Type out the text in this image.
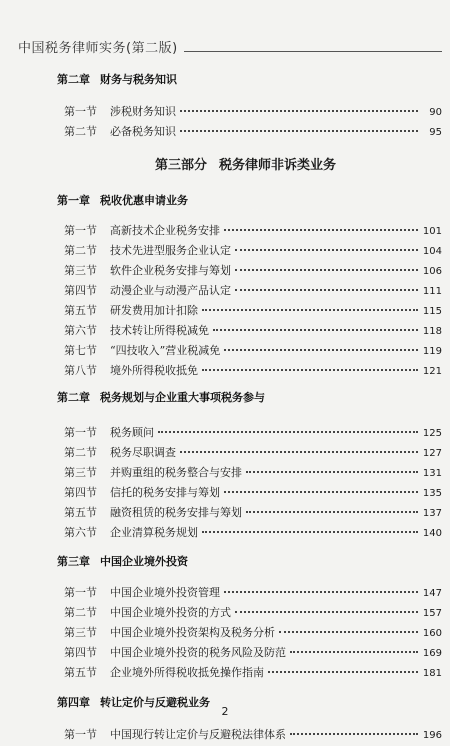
中国税务律师实务(第二版)
第二章 财务与税务知识
第一节	涉税财务知识	90
第二节	必备税务知识	95
第三部分 税务律师非诉类业务
第一章 税收优惠申请业务
第一节	高新技术企业税务安排	101
第二节	技术先进型服务企业认定	104
第三节	软件企业税务安排与筹划	106
第四节	动漫企业与动漫产品认定	111
第五节	研发费用加计扣除	115
第六节	技术转让所得税减免	118
第七节	“四技收入”营业税减免	119
第八节	境外所得税收抵免	121
第二章 税务规划与企业重大事项税务参与
第一节	税务顾问	125
第二节	税务尽职调查	127
第三节	并购重组的税务整合与安排	131
第四节	信托的税务安排与筹划	135
第五节	融资租赁的税务安排与筹划	137
第六节	企业清算税务规划	140
第三章 中国企业境外投资
第一节	中国企业境外投资管理	147
第二节	中国企业境外投资的方式	157
第三节	中国企业境外投资架构及税务分析	160
第四节	中国企业境外投资的税务风险及防范	169
第五节	企业境外所得税收抵免操作指南	181
第四章 转让定价与反避税业务
第一节	中国现行转让定价与反避税法律体系	196
2
